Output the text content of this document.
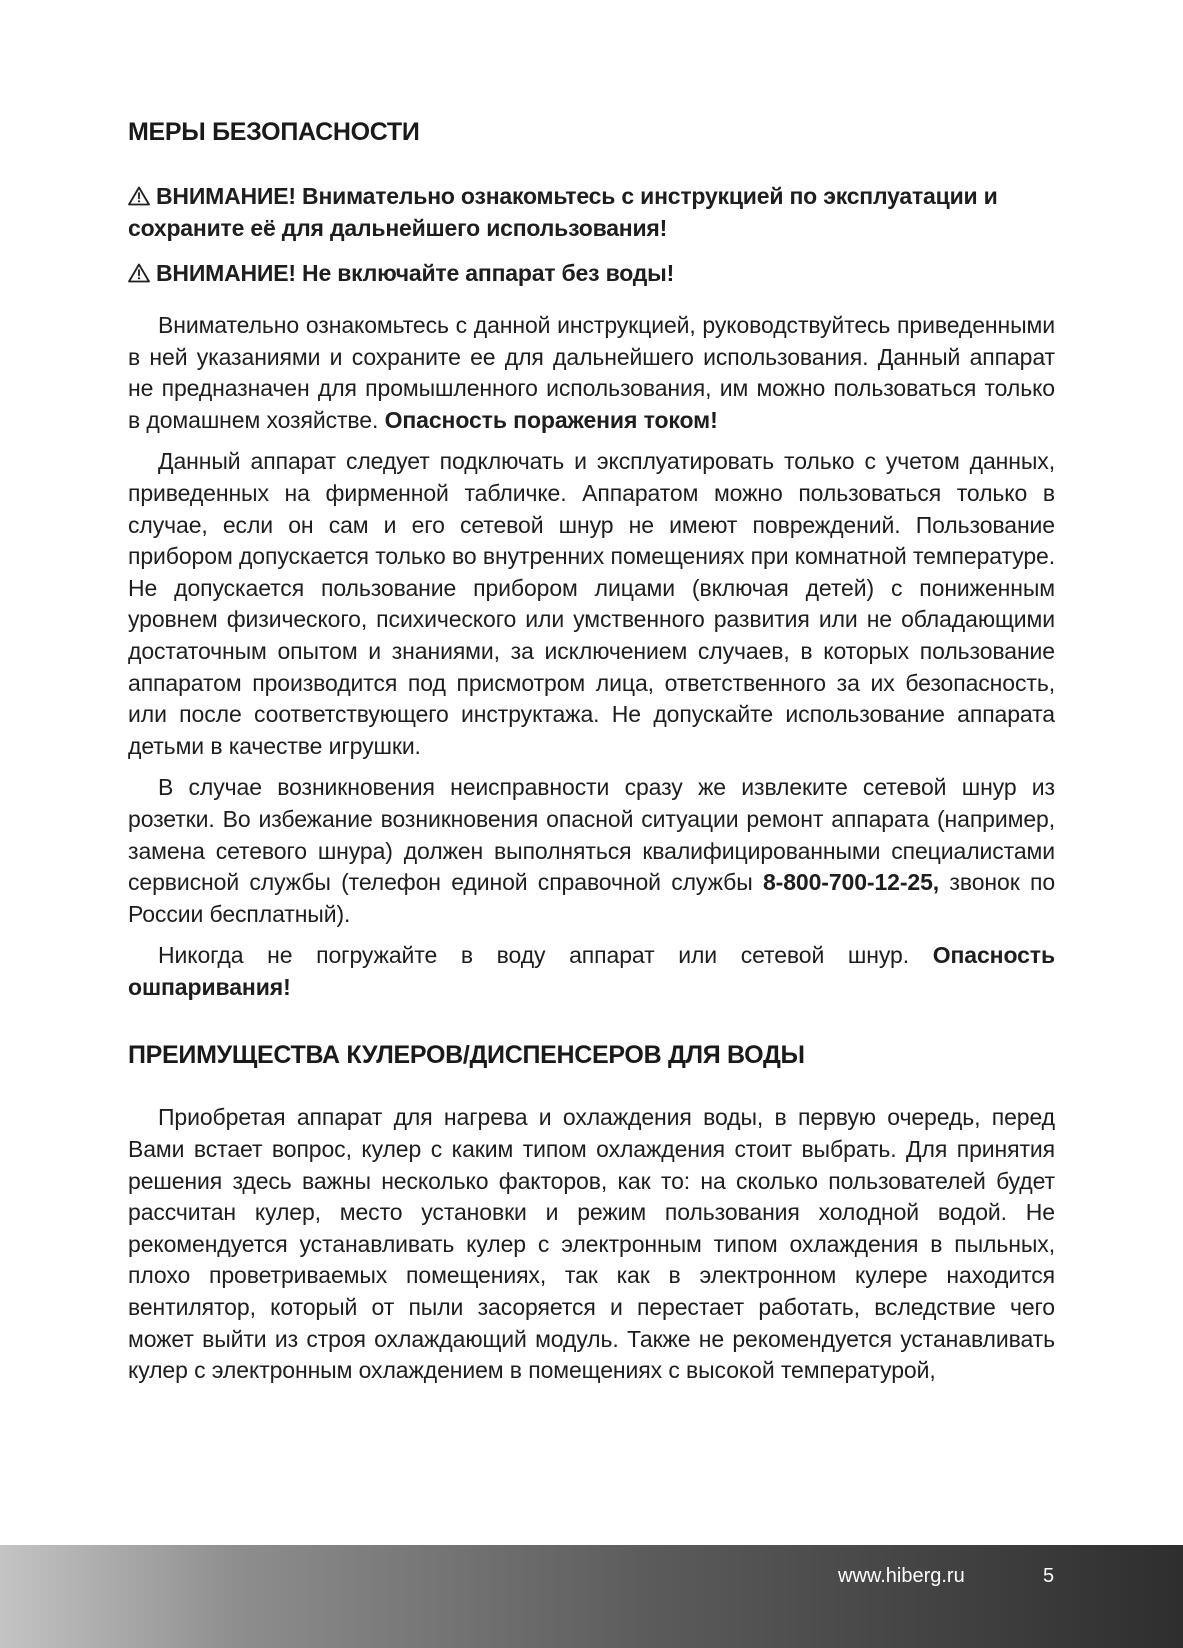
МЕРЫ БЕЗОПАСНОСТИ
ВНИМАНИЕ! Внимательно ознакомьтесь с инструкцией по эксплуатации и сохраните её для дальнейшего использования!
ВНИМАНИЕ! Не включайте аппарат без воды!

Внимательно ознакомьтесь с данной инструкцией, руководствуйтесь приведенными в ней указаниями и сохраните ее для дальнейшего использования. Данный аппарат не предназначен для промышленного использования, им можно пользоваться только в домашнем хозяйстве. Опасность поражения током!

Данный аппарат следует подключать и эксплуатировать только с учетом данных, приведенных на фирменной табличке. Аппаратом можно пользоваться только в случае, если он сам и его сетевой шнур не имеют повреждений. Пользование прибором допускается только во внутренних помещениях при комнатной температуре. Не допускается пользование прибором лицами (включая детей) с пониженным уровнем физического, психического или умственного развития или не обладающими достаточным опытом и знаниями, за исключением случаев, в которых пользование аппаратом производится под присмотром лица, ответственного за их безопасность, или после соответствующего инструктажа. Не допускайте использование аппарата детьми в качестве игрушки.

В случае возникновения неисправности сразу же извлеките сетевой шнур из розетки. Во избежание возникновения опасной ситуации ремонт аппарата (например, замена сетевого шнура) должен выполняться квалифицированными специалистами сервисной службы (телефон единой справочной службы 8-800-700-12-25, звонок по России бесплатный).

Никогда не погружайте в воду аппарат или сетевой шнур. Опасность ошпаривания!

ПРЕИМУЩЕСТВА КУЛЕРОВ/ДИСПЕНСЕРОВ ДЛЯ ВОДЫ

Приобретая аппарат для нагрева и охлаждения воды, в первую очередь, перед Вами встает вопрос, кулер с каким типом охлаждения стоит выбрать. Для принятия решения здесь важны несколько факторов, как то: на сколько пользователей будет рассчитан кулер, место установки и режим пользования холодной водой. Не рекомендуется устанавливать кулер с электронным типом охлаждения в пыльных, плохо проветриваемых помещениях, так как в электронном кулере находится вентилятор, который от пыли засоряется и перестает работать, вследствие чего может выйти из строя охлаждающий модуль. Также не рекомендуется устанавливать кулер с электронным охлаждением в помещениях с высокой температурой,

www.hiberg.ru	5
